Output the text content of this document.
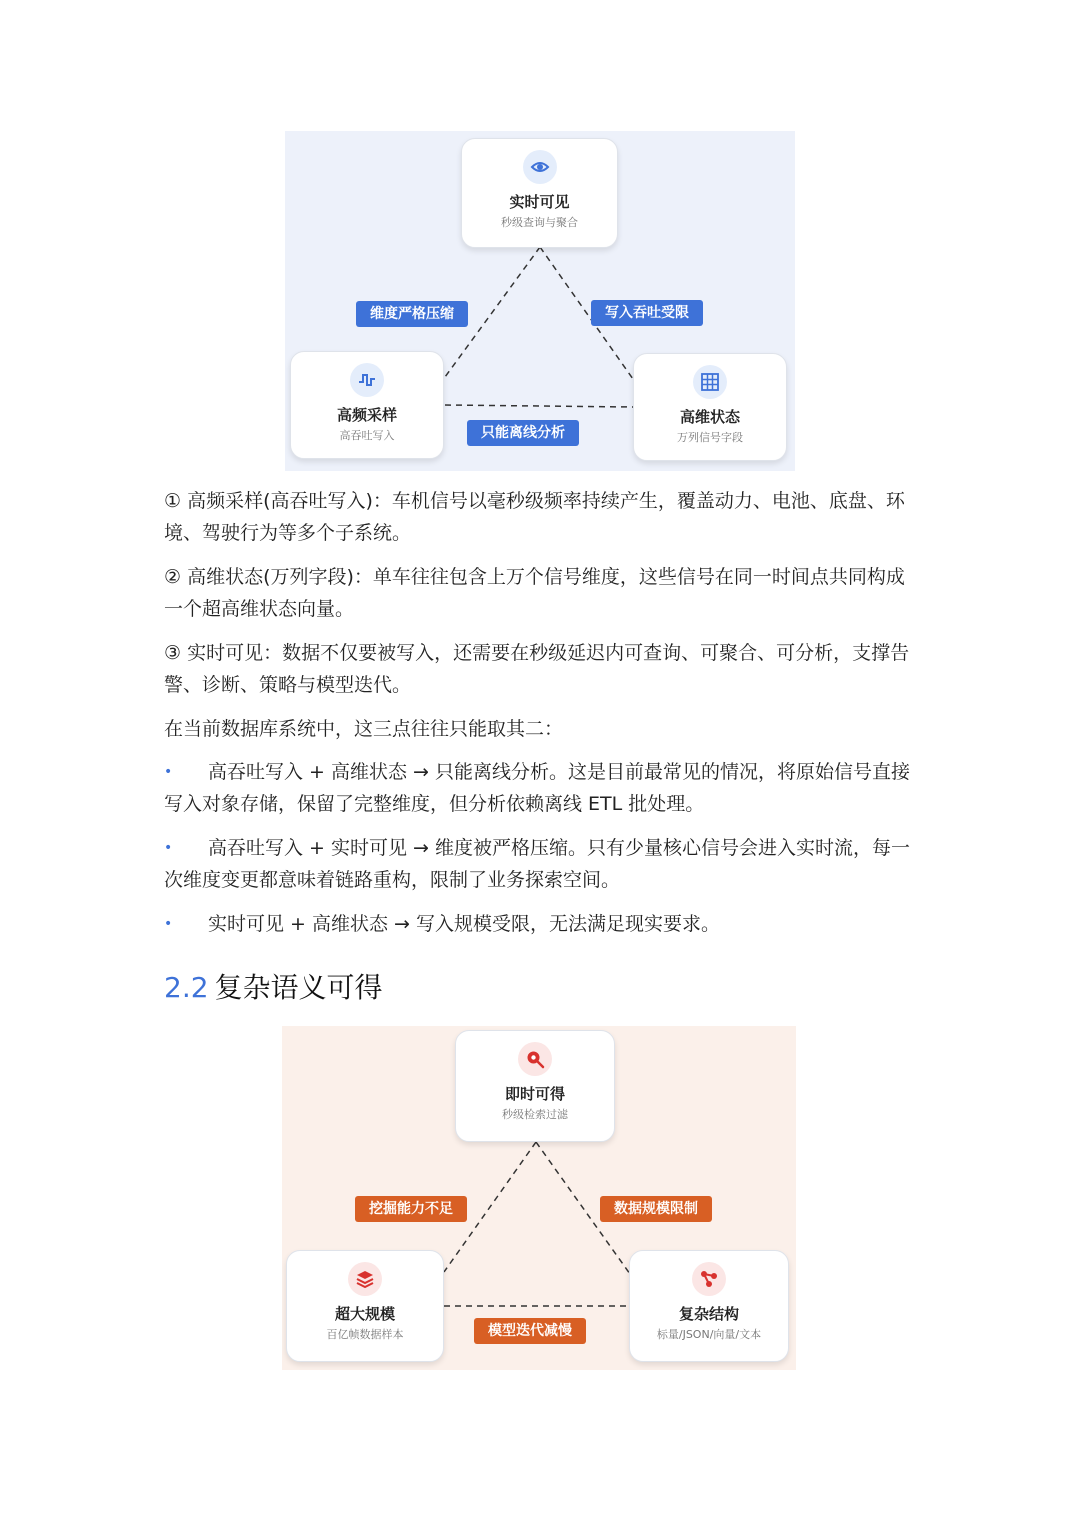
实时可见
秒级查询与聚合
高频采样
高吞吐写入
高维状态
万列信号字段
维度严格压缩	写入吞吐受限
只能离线分析

① 高频采样(高吞吐写入)：车机信号以毫秒级频率持续产生，覆盖动力、电池、底盘、环境、驾驶行为等多个子系统。

② 高维状态(万列字段)：单车往往包含上万个信号维度，这些信号在同一时间点共同构成一个超高维状态向量。

③ 实时可见：数据不仅要被写入，还需要在秒级延迟内可查询、可聚合、可分析，支撑告警、诊断、策略与模型迭代。

在当前数据库系统中，这三点往往只能取其二：

•	高吞吐写入 + 高维状态 → 只能离线分析。这是目前最常见的情况，将原始信号直接写入对象存储，保留了完整维度，但分析依赖离线 ETL 批处理。
•	高吞吐写入 + 实时可见 → 维度被严格压缩。只有少量核心信号会进入实时流，每一次维度变更都意味着链路重构，限制了业务探索空间。
•	实时可见 + 高维状态 → 写入规模受限，无法满足现实要求。
2.2 复杂语义可得
即时可得
秒级检索过滤
超大规模
百亿帧数据样本
复杂结构
标量/JSON/向量/文本
挖掘能力不足	数据规模限制
模型迭代减慢
